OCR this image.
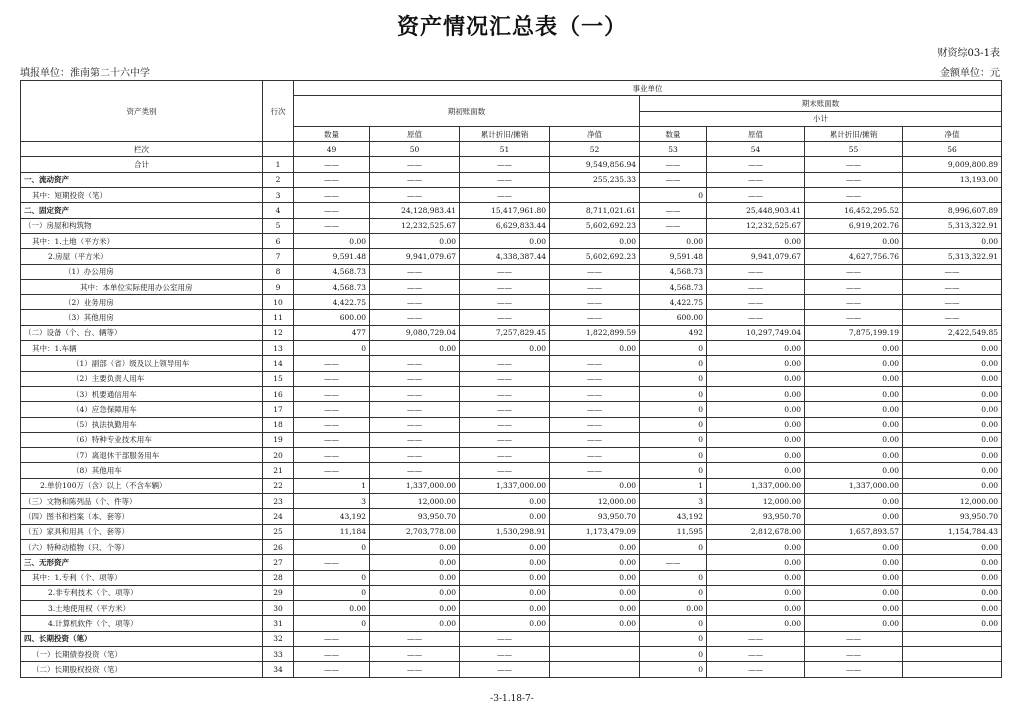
资产情况汇总表（一）
财资综03-1表
填报单位：淮南第二十六中学	金额单位：元
资产类别	行次	事业单位							
		期初账面数				期末账面数			
						小计			
		数量	原值	累计折旧/摊销	净值	数量	原值	累计折旧/摊销	净值
栏次		49	50	51	52	53	54	55	56
合计	1	——	——	——	9,549,856.94	——	——	——	9,009,800.89
一、流动资产	2	——	——	——	255,235.33	——	——	——	13,193.00
其中：短期投资（笔）	3	——	——	——		0	——	——	
二、固定资产	4	——	24,128,983.41	15,417,961.80	8,711,021.61	——	25,448,903.41	16,452,295.52	8,996,607.89
（一）房屋和构筑物	5	——	12,232,525.67	6,629,833.44	5,602,692.23	——	12,232,525.67	6,919,202.76	5,313,322.91
其中：1.土地（平方米）	6	0.00	0.00	0.00	0.00	0.00	0.00	0.00	0.00
2.房屋（平方米）	7	9,591.48	9,941,079.67	4,338,387.44	5,602,692.23	9,591.48	9,941,079.67	4,627,756.76	5,313,322.91
（1）办公用房	8	4,568.73	——	——	——	4,568.73	——	——	——
其中：本单位实际使用办公室用房	9	4,568.73	——	——	——	4,568.73	——	——	——
（2）业务用房	10	4,422.75	——	——	——	4,422.75	——	——	——
（3）其他用房	11	600.00	——	——	——	600.00	——	——	——
（二）设备（个、台、辆等）	12	477	9,080,729.04	7,257,829.45	1,822,899.59	492	10,297,749.04	7,875,199.19	2,422,549.85
其中：1.车辆	13	0	0.00	0.00	0.00	0	0.00	0.00	0.00
（1）副部（省）级及以上领导用车	14	——	——	——	——	0	0.00	0.00	0.00
（2）主要负责人用车	15	——	——	——	——	0	0.00	0.00	0.00
（3）机要通信用车	16	——	——	——	——	0	0.00	0.00	0.00
（4）应急保障用车	17	——	——	——	——	0	0.00	0.00	0.00
（5）执法执勤用车	18	——	——	——	——	0	0.00	0.00	0.00
（6）特种专业技术用车	19	——	——	——	——	0	0.00	0.00	0.00
（7）离退休干部服务用车	20	——	——	——	——	0	0.00	0.00	0.00
（8）其他用车	21	——	——	——	——	0	0.00	0.00	0.00
2.单价100万（含）以上（不含车辆）	22	1	1,337,000.00	1,337,000.00	0.00	1	1,337,000.00	1,337,000.00	0.00
（三）文物和陈列品（个、件等）	23	3	12,000.00	0.00	12,000.00	3	12,000.00	0.00	12,000.00
（四）图书和档案（本、套等）	24	43,192	93,950.70	0.00	93,950.70	43,192	93,950.70	0.00	93,950.70
（五）家具和用具（个、套等）	25	11,184	2,703,778.00	1,530,298.91	1,173,479.09	11,595	2,812,678.00	1,657,893.57	1,154,784.43
（六）特种动植物（只、个等）	26	0	0.00	0.00	0.00	0	0.00	0.00	0.00
三、无形资产	27	——	0.00	0.00	0.00	——	0.00	0.00	0.00
其中：1.专利（个、项等）	28	0	0.00	0.00	0.00	0	0.00	0.00	0.00
2.非专利技术（个、项等）	29	0	0.00	0.00	0.00	0	0.00	0.00	0.00
3.土地使用权（平方米）	30	0.00	0.00	0.00	0.00	0.00	0.00	0.00	0.00
4.计算机软件（个、项等）	31	0	0.00	0.00	0.00	0	0.00	0.00	0.00
四、长期投资（笔）	32	——	——	——		0	——	——	
（一）长期债券投资（笔）	33	——	——	——		0	——	——	
（二）长期股权投资（笔）	34	——	——	——		0	——	——	
-3-1.18-7-
